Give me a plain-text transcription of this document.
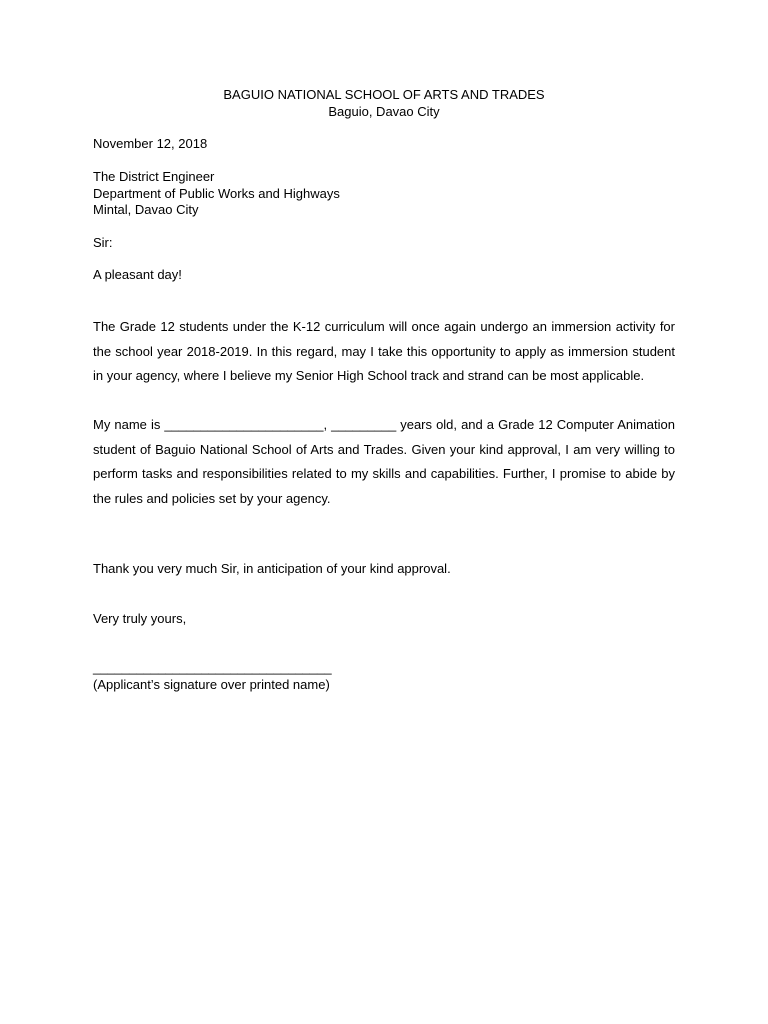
BAGUIO NATIONAL SCHOOL OF ARTS AND TRADES
Baguio, Davao City
November 12, 2018
The District Engineer
Department of Public Works and Highways
Mintal, Davao City
Sir:
A pleasant day!
The Grade 12 students under the K-12 curriculum will once again undergo an immersion activity for
the school year 2018-2019. In this regard, may I take this opportunity to apply as immersion student
in your agency, where I believe my Senior High School track and strand can be most applicable.
My name is ______________________, _________ years old, and a Grade 12 Computer Animation
student of Baguio National School of Arts and Trades. Given your kind approval, I am very willing to
perform tasks and responsibilities related to my skills and capabilities. Further, I promise to abide by
the rules and policies set by your agency.
Thank you very much Sir, in anticipation of your kind approval.
Very truly yours,
_________________________________
(Applicant’s signature over printed name)
